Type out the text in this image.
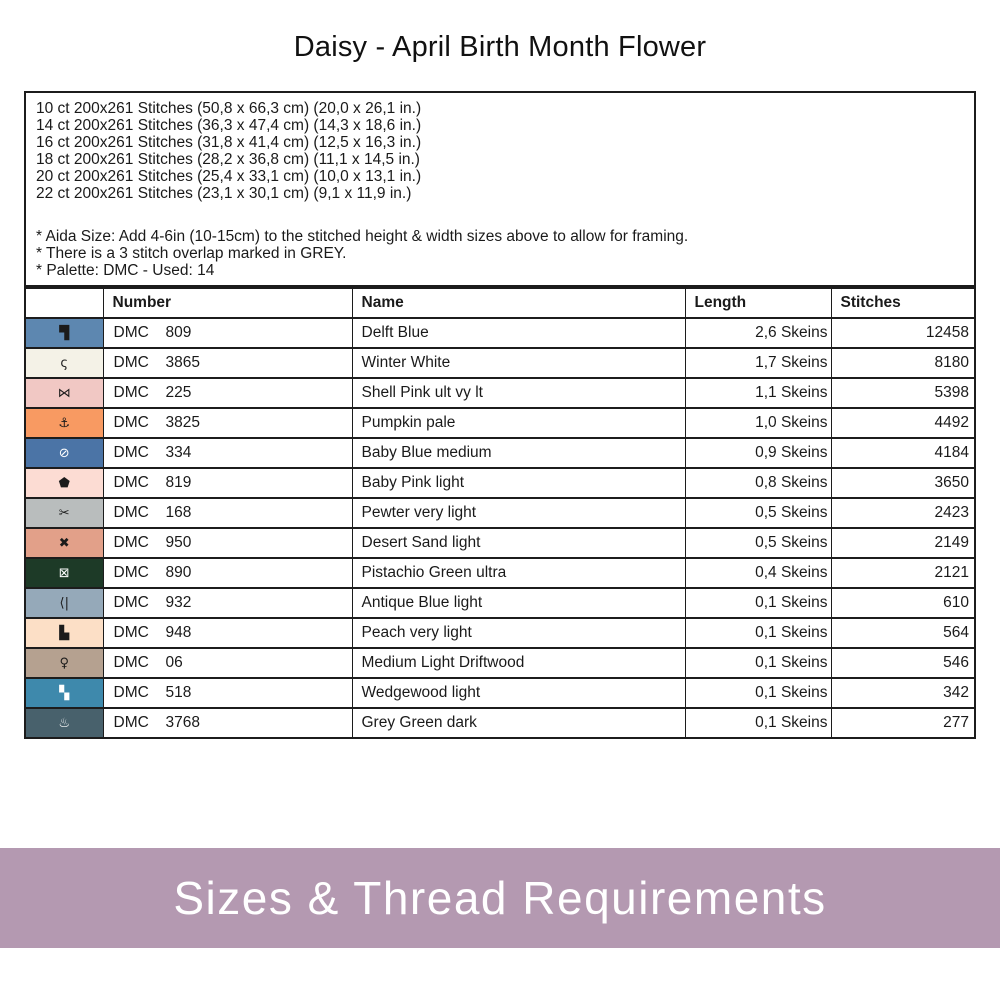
Daisy - April Birth Month Flower
10 ct 200x261 Stitches (50,8 x 66,3 cm) (20,0 x 26,1 in.)
14 ct 200x261 Stitches (36,3 x 47,4 cm) (14,3 x 18,6 in.)
16 ct 200x261 Stitches (31,8 x 41,4 cm) (12,5 x 16,3 in.)
18 ct 200x261 Stitches (28,2 x 36,8 cm) (11,1 x 14,5 in.)
20 ct 200x261 Stitches (25,4 x 33,1 cm) (10,0 x 13,1 in.)
22 ct 200x261 Stitches (23,1 x 30,1 cm) (9,1 x 11,9 in.)
* Aida Size: Add 4-6in (10-15cm) to the stitched height & width sizes above to allow for framing.
* There is a 3 stitch overlap marked in GREY.
* Palette: DMC - Used: 14
	Number	Name	Length	Stitches
▜	DMC 809	Delft Blue	2,6 Skeins	12458
ς	DMC 3865	Winter White	1,7 Skeins	8180
⋈	DMC 225	Shell Pink ult vy lt	1,1 Skeins	5398
⚓	DMC 3825	Pumpkin pale	1,0 Skeins	4492
⊘	DMC 334	Baby Blue medium	0,9 Skeins	4184
⬟	DMC 819	Baby Pink light	0,8 Skeins	3650
✂	DMC 168	Pewter very light	0,5 Skeins	2423
✖	DMC 950	Desert Sand light	0,5 Skeins	2149
⊠	DMC 890	Pistachio Green ultra	0,4 Skeins	2121
⟨|	DMC 932	Antique Blue light	0,1 Skeins	610
▙	DMC 948	Peach very light	0,1 Skeins	564
♀	DMC 06	Medium Light Driftwood	0,1 Skeins	546
▚	DMC 518	Wedgewood light	0,1 Skeins	342
♨	DMC 3768	Grey Green dark	0,1 Skeins	277
Sizes & Thread Requirements
